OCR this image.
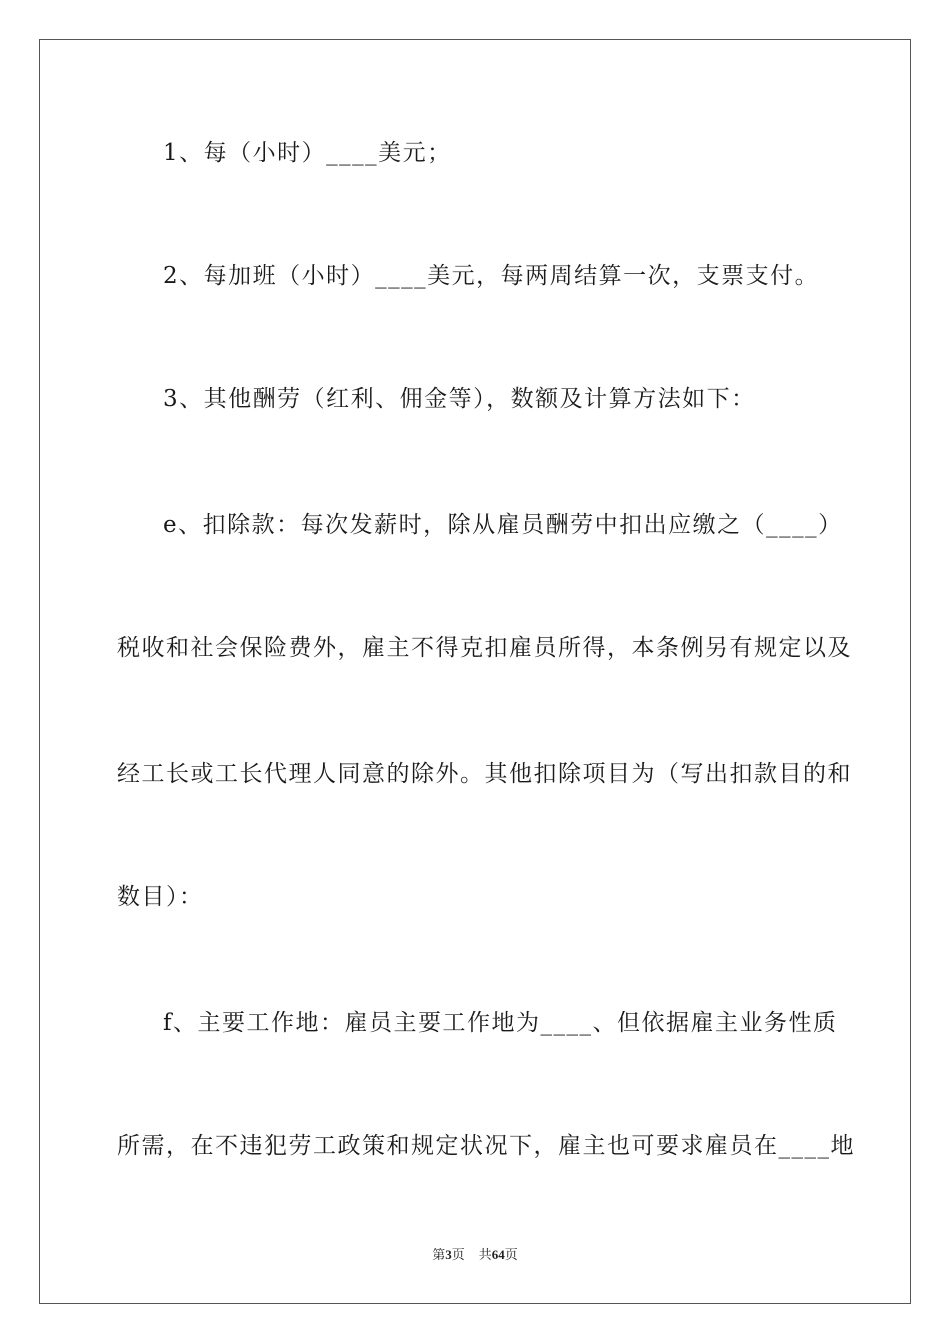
1、每（小时）____美元；
2、每加班（小时）____美元，每两周结算一次，支票支付。
3、其他酬劳（红利、佣金等），数额及计算方法如下：
e、扣除款：每次发薪时，除从雇员酬劳中扣出应缴之（____）
税收和社会保险费外，雇主不得克扣雇员所得，本条例另有规定以及
经工长或工长代理人同意的除外。其他扣除项目为（写出扣款目的和
数目）：
f、主要工作地：雇员主要工作地为____、但依据雇主业务性质
所需，在不违犯劳工政策和规定状况下，雇主也可要求雇员在____地
第3页 共64页
